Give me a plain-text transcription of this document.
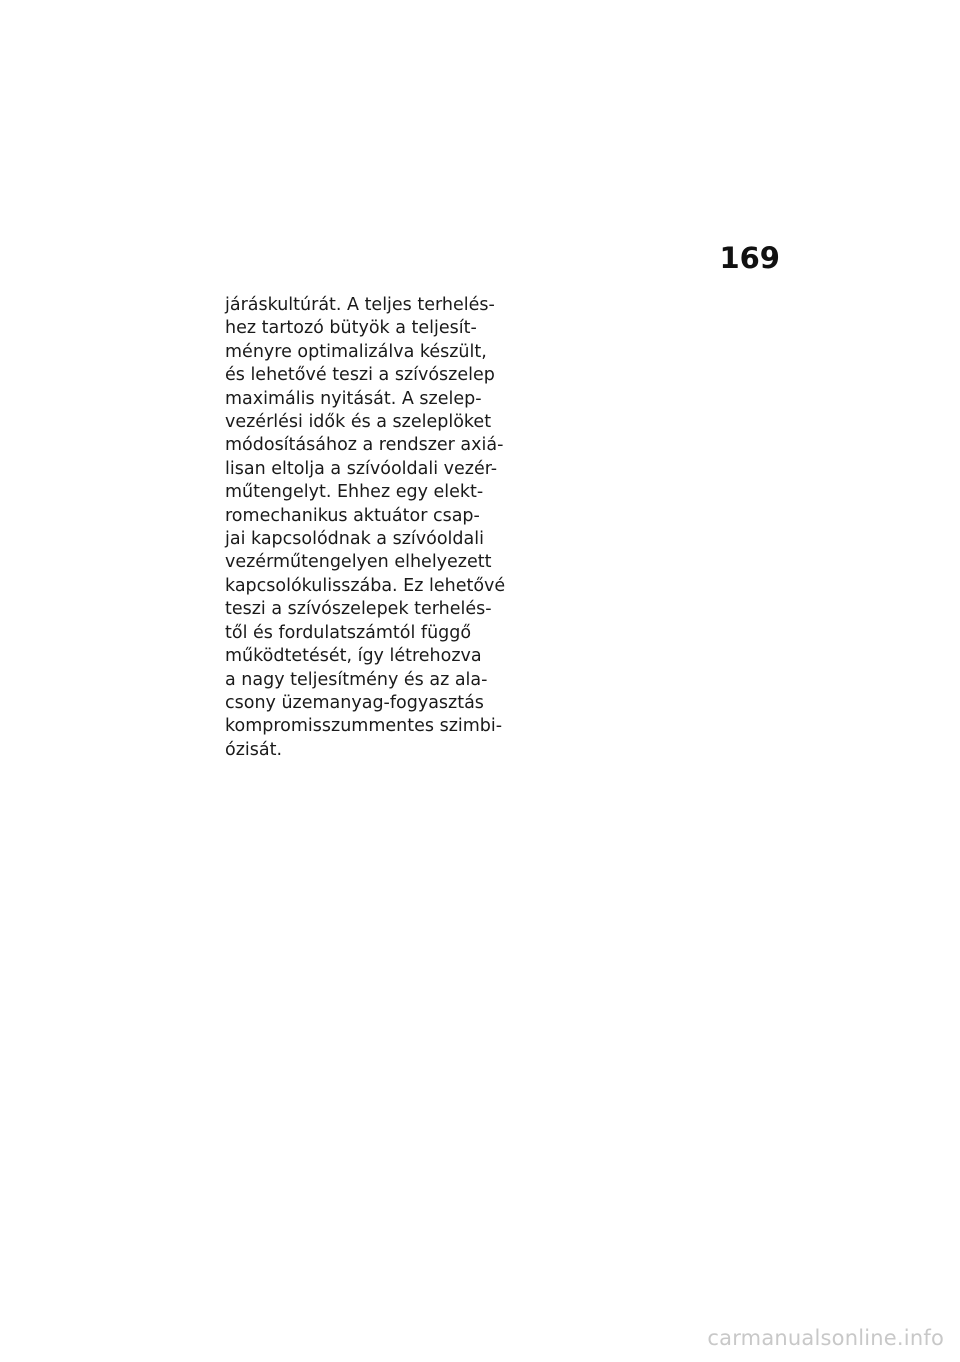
169
járáskultúrát. A teljes terhelés-
hez tartozó bütyök a teljesít-
ményre optimalizálva készült,
és lehetővé teszi a szívószelep
maximális nyitását. A szelep-
vezérlési idők és a szeleplöket
módosításához a rendszer axiá-
lisan eltolja a szívóoldali vezér-
műtengelyt. Ehhez egy elekt-
romechanikus aktuátor csap-
jai kapcsolódnak a szívóoldali
vezérműtengelyen elhelyezett
kapcsolókulisszába. Ez lehetővé
teszi a szívószelepek terhelés-
től és fordulatszámtól függő
működtetését, így létrehozva
a nagy teljesítmény és az ala-
csony üzemanyag-fogyasztás
kompromisszummentes szimbi-
ózisát.
carmanualsonline.info
